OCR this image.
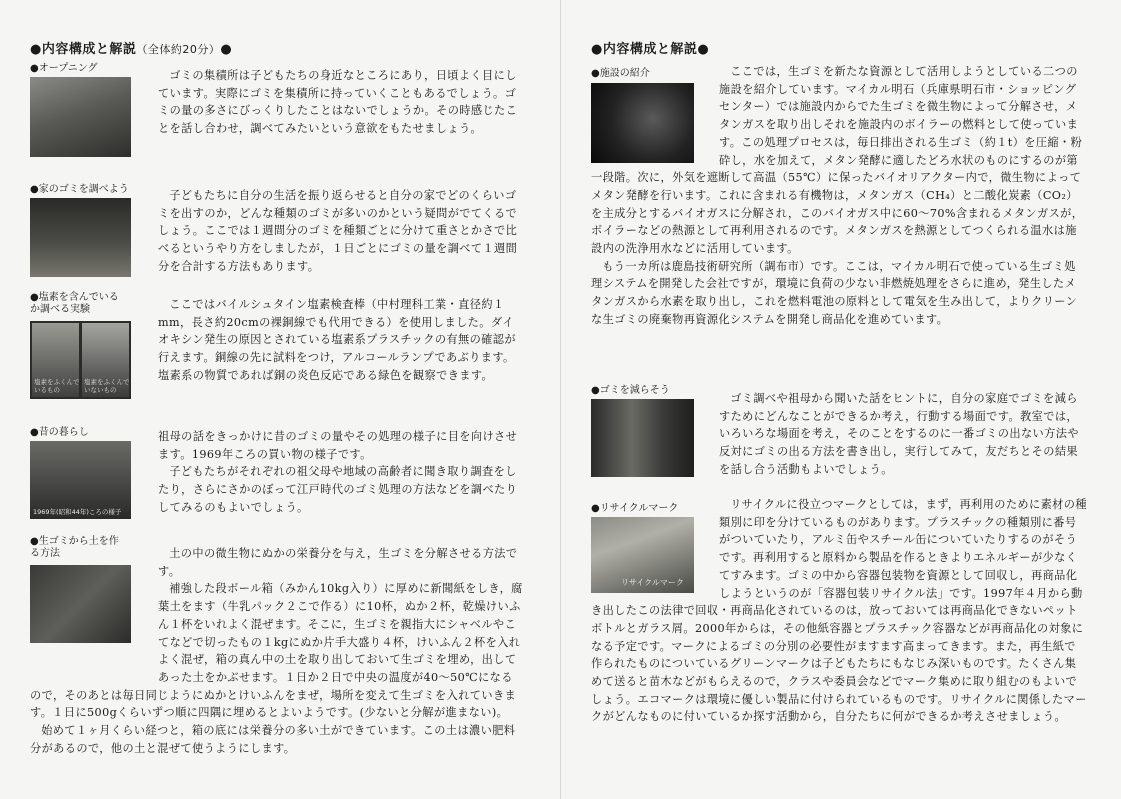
●内容構成と解説（全体約20分）●
●オープニング

ゴミの集積所は子どもたちの身近なところにあり，日頃よく目にしています。実際にゴミを集積所に持っていくこともあるでしょう。ゴミの量の多さにびっくりしたことはないでしょうか。その時感じたことを話し合わせ，調べてみたいという意欲をもたせましょう。

●家のゴミを調べよう	子どもたちに自分の生活を振り返らせると自分の家でどのくらいゴミを出すのか，どんな種類のゴミが多いのかという疑問がでてくるでしょう。ここでは１週間分のゴミを種類ごとに分けて重さとかさで比べるというやり方をしましたが，１日ごとにゴミの量を調べて１週間分を合計する方法もあります。

●塩素を含んでいる
か調べる実験
塩素をふくんで
いるもの
塩素をふくんで
いないもの

ここではバイルシュタイン塩素検査棒（中村理科工業・直径約１mm，長さ約20cmの裸銅線でも代用できる）を使用しました。ダイオキシン発生の原因とされている塩素系プラスチックの有無の確認が行えます。銅線の先に試料をつけ，アルコールランプであぶります。塩素系の物質であれば銅の炎色反応である緑色を観察できます。

●昔の暮らし
1969年(昭和44年)ころの様子

祖母の話をきっかけに昔のゴミの量やその処理の様子に目を向けさせます。1969年ころの買い物の様子です。

子どもたちがそれぞれの祖父母や地域の高齢者に聞き取り調査をしたり，さらにさかのぼって江戸時代のゴミ処理の方法などを調べたりしてみるのもよいでしょう。

●生ゴミから土を作
る方法	土の中の微生物にぬかの栄養分を与え，生ゴミを分解させる方法です。

補強した段ボール箱（みかん10kg入り）に厚めに新聞紙をしき，腐葉土をます（牛乳パック２こで作る）に10杯，ぬか２杯，乾燥けいふん１杯をいれよく混ぜます。そこに，生ゴミを親指大にシャベルやこてなどで切ったもの１kgにぬか片手大盛り４杯，けいふん２杯を入れよく混ぜ，箱の真ん中の土を取り出しておいて生ゴミを埋め，出してあった土をかぶせます。１日か２日で中央の温度が40～50℃になるので，そのあとは毎日同じようにぬかとけいふんをまぜ，場所を変えて生ゴミを入れていきます。１日に500gくらいずつ順に四隅に埋めるとよいようです。(少ないと分解が進まない)。

始めて１ヶ月くらい経つと，箱の底には栄養分の多い土ができています。この土は濃い肥料分があるので，他の土と混ぜて使うようにします。

●内容構成と解説●
●施設の紹介	ここでは，生ゴミを新たな資源として活用しようとしている二つの施設を紹介しています。マイカル明石（兵庫県明石市・ショッピングセンター）では施設内からでた生ゴミを微生物によって分解させ，メタンガスを取り出しそれを施設内のボイラーの燃料として使っています。この処理プロセスは，毎日排出される生ゴミ（約１t）を圧縮・粉砕し，水を加えて，メタン発酵に適したどろ水状のものにするのが第一段階。次に，外気を遮断して高温（55℃）に保ったバイオリアクター内で，微生物によってメタン発酵を行います。これに含まれる有機物は，メタンガス（CH₄）と二酸化炭素（CO₂）を主成分とするバイオガスに分解され，このバイオガス中に60～70%含まれるメタンガスが，ボイラーなどの熱源として再利用されるのです。メタンガスを熱源としてつくられる温水は施設内の洗浄用水などに活用しています。

もう一カ所は鹿島技術研究所（調布市）です。ここは，マイカル明石で使っている生ゴミ処理システムを開発した会社ですが，環境に負荷の少ない非燃焼処理をさらに進め，発生したメタンガスから水素を取り出し，これを燃料電池の原料として電気を生み出して，よりクリーンな生ゴミの廃棄物再資源化システムを開発し商品化を進めています。

●ゴミを減らそう

ゴミ調べや祖母から聞いた話をヒントに，自分の家庭でゴミを減らすためにどんなことができるか考え，行動する場面です。教室では，いろいろな場面を考え，そのことをするのに一番ゴミの出ない方法や反対にゴミの出る方法を書き出し，実行してみて，友だちとその結果を話し合う活動もよいでしょう。

●リサイクルマーク
リサイクルマーク

リサイクルに役立つマークとしては，まず，再利用のために素材の種類別に印を分けているものがあります。プラスチックの種類別に番号がついていたり，アルミ缶やスチール缶についていたりするのがそうです。再利用すると原料から製品を作るときよりエネルギーが少なくてすみます。ゴミの中から容器包装物を資源として回収し，再商品化しようというのが「容器包装リサイクル法」です。1997年４月から動き出したこの法律で回収・再商品化されているのは，放っておいては再商品化できないペットボトルとガラス屑。2000年からは，その他紙容器とプラスチック容器などが再商品化の対象になる予定です。マークによるゴミの分別の必要性がますます高まってきます。また，再生紙で作られたものについているグリーンマークは子どもたちにもなじみ深いものです。たくさん集めて送ると苗木などがもらえるので，クラスや委員会などでマーク集めに取り組むのもよいでしょう。エコマークは環境に優しい製品に付けられているものです。リサイクルに関係したマークがどんなものに付いているか探す活動から，自分たちに何ができるか考えさせましょう。
